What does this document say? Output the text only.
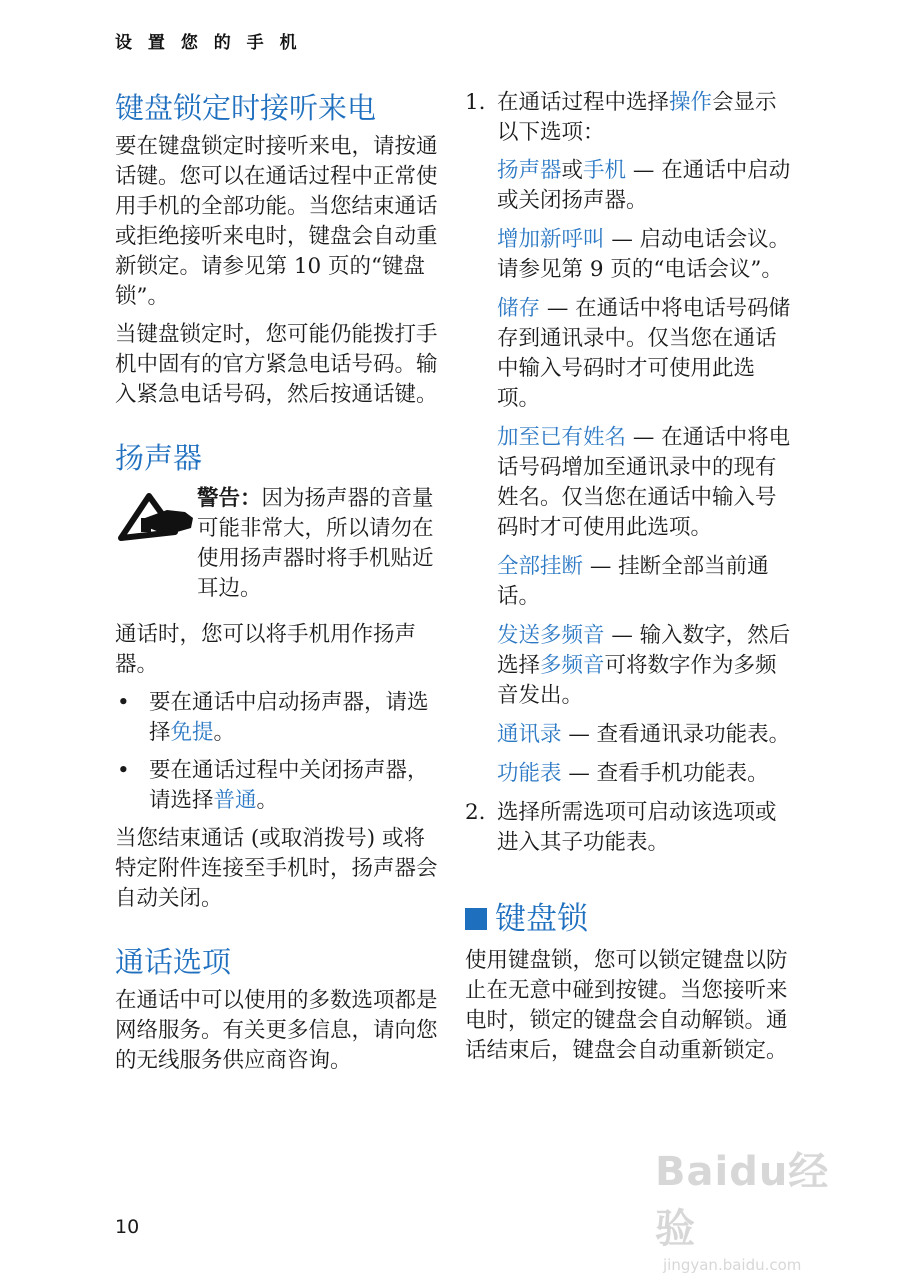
设 置 您 的 手 机
键盘锁定时接听来电

要在键盘锁定时接听来电，请按通话键。您可以在通话过程中正常使用手机的全部功能。当您结束通话或拒绝接听来电时，键盘会自动重新锁定。请参见第 10 页的“键盘锁”。

当键盘锁定时，您可能仍能拨打手机中固有的官方紧急电话号码。输入紧急电话号码，然后按通话键。

扬声器

警告：因为扬声器的音量可能非常大，所以请勿在使用扬声器时将手机贴近耳边。

通话时，您可以将手机用作扬声器。

• 要在通话中启动扬声器，请选择免提。
• 要在通话过程中关闭扬声器，请选择普通。

当您结束通话 (或取消拨号) 或将特定附件连接至手机时，扬声器会自动关闭。

通话选项

在通话中可以使用的多数选项都是网络服务。有关更多信息，请向您的无线服务供应商咨询。

1. 在通话过程中选择操作会显示以下选项：

扬声器或手机 — 在通话中启动或关闭扬声器。

增加新呼叫 — 启动电话会议。请参见第 9 页的“电话会议”。

储存 — 在通话中将电话号码储存到通讯录中。仅当您在通话中输入号码时才可使用此选项。

加至已有姓名 — 在通话中将电话号码增加至通讯录中的现有姓名。仅当您在通话中输入号码时才可使用此选项。

全部挂断 — 挂断全部当前通话。

发送多频音 — 输入数字，然后选择多频音可将数字作为多频音发出。

通讯录 — 查看通讯录功能表。

功能表 — 查看手机功能表。

2. 选择所需选项可启动该选项或进入其子功能表。
键盘锁

使用键盘锁，您可以锁定键盘以防止在无意中碰到按键。当您接听来电时，锁定的键盘会自动解锁。通话结束后，键盘会自动重新锁定。

10
Baidu经验
jingyan.baidu.com
